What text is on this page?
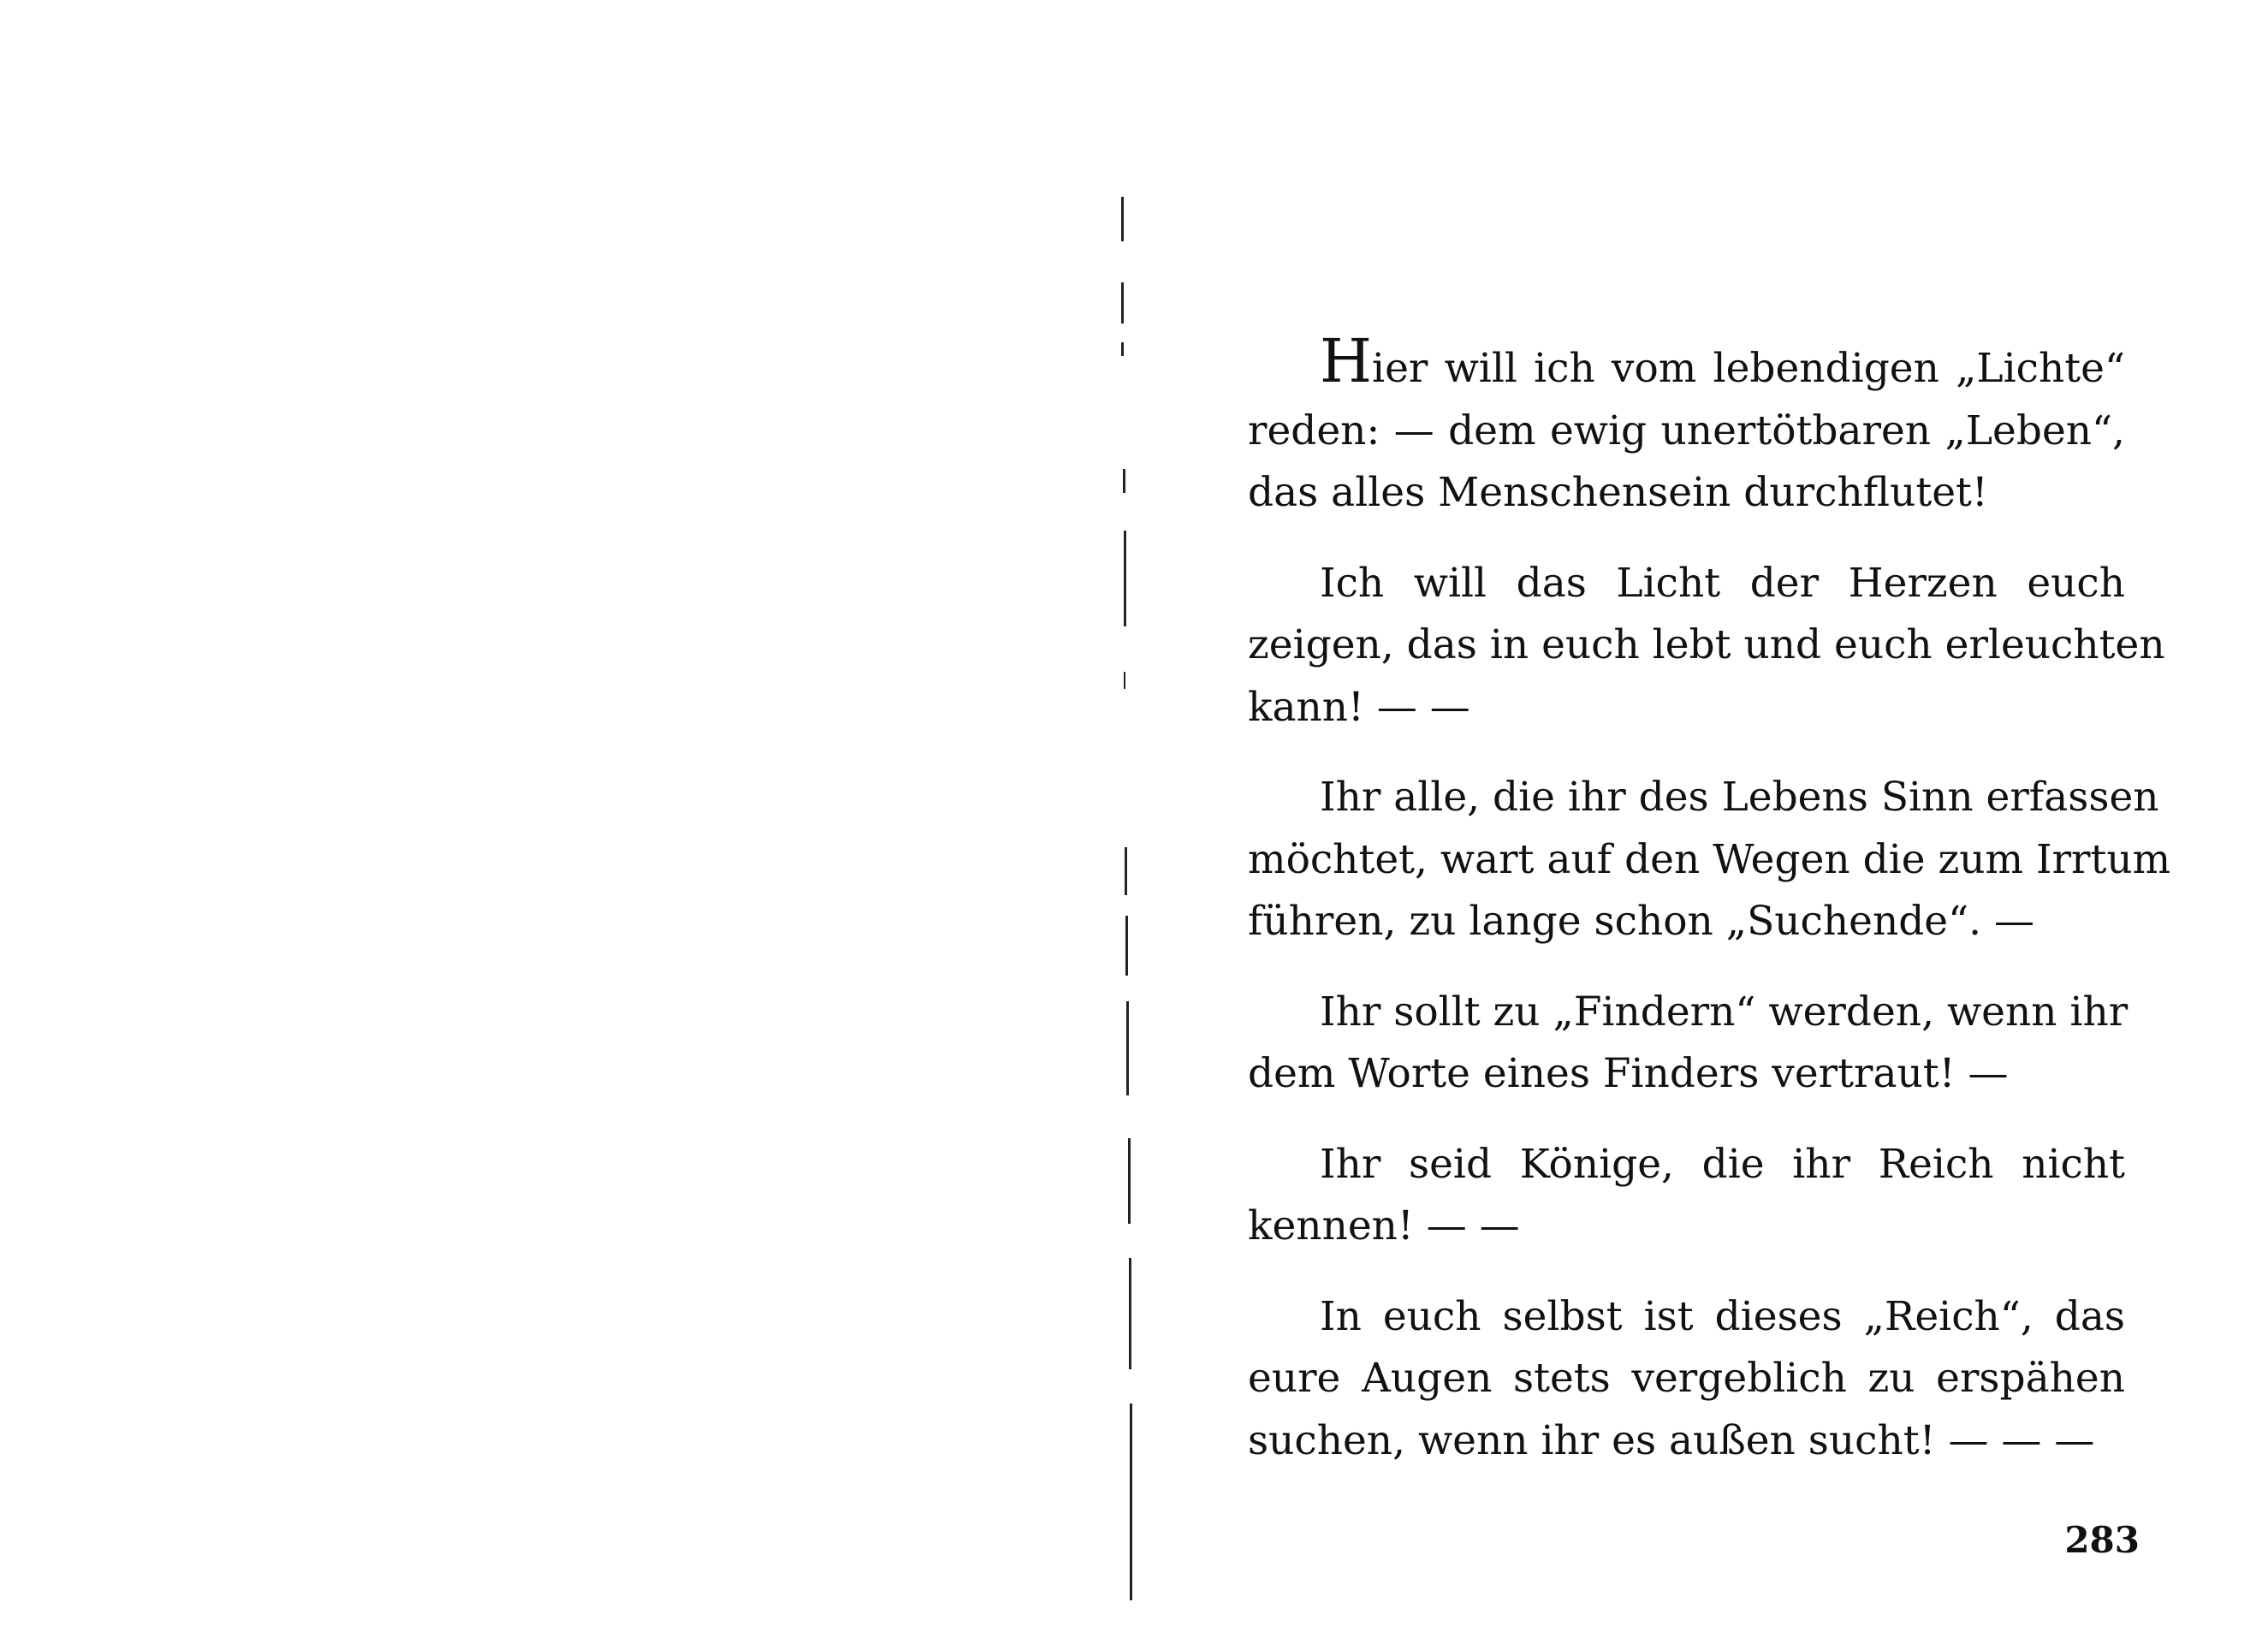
Hier will ich vom lebendigen „Lichte“
reden: — dem ewig unertötbaren „Leben“,
das alles Menschensein durchflutet!
Ich will das Licht der Herzen euch
zeigen, das in euch lebt und euch erleuchten
kann! — —
Ihr alle, die ihr des Lebens Sinn erfassen
möchtet, wart auf den Wegen die zum Irrtum
führen, zu lange schon „Suchende“. —
Ihr sollt zu „Findern“ werden, wenn ihr
dem Worte eines Finders vertraut! —
Ihr seid Könige, die ihr Reich nicht
kennen! — —
In euch selbst ist dieses „Reich“, das
eure Augen stets vergeblich zu erspähen
suchen, wenn ihr es außen sucht! — — —
283
